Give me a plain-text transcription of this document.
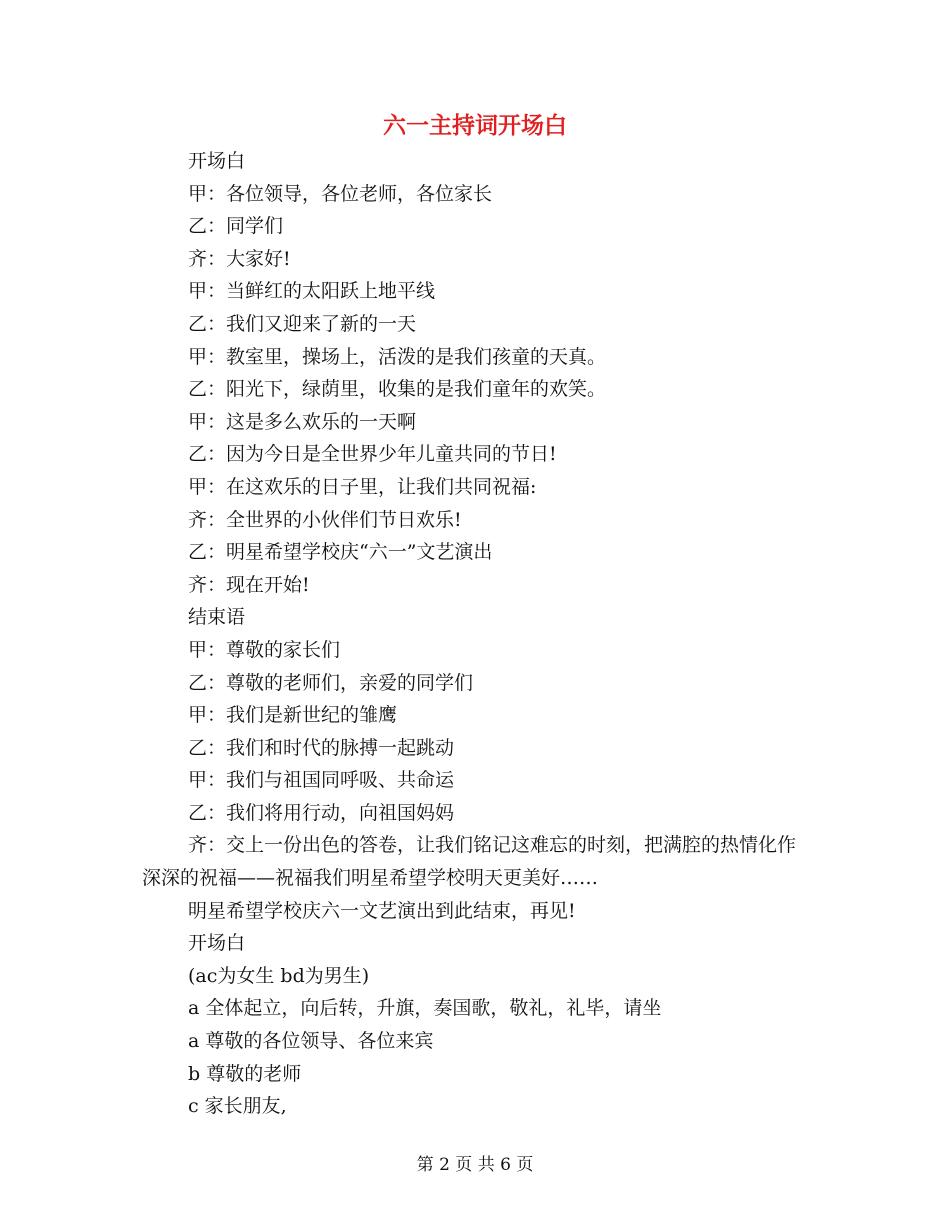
六一主持词开场白

开场白

甲：各位领导，各位老师，各位家长

乙：同学们

齐：大家好!

甲：当鲜红的太阳跃上地平线

乙：我们又迎来了新的一天

甲：教室里，操场上，活泼的是我们孩童的天真。

乙：阳光下，绿荫里，收集的是我们童年的欢笑。

甲：这是多么欢乐的一天啊

乙：因为今日是全世界少年儿童共同的节日!

甲：在这欢乐的日子里，让我们共同祝福:

齐：全世界的小伙伴们节日欢乐!

乙：明星希望学校庆“六一”文艺演出

齐：现在开始!

结束语

甲：尊敬的家长们

乙：尊敬的老师们，亲爱的同学们

甲：我们是新世纪的雏鹰

乙：我们和时代的脉搏一起跳动

甲：我们与祖国同呼吸、共命运

乙：我们将用行动，向祖国妈妈

齐：交上一份出色的答卷，让我们铭记这难忘的时刻，把满腔的热情化作深深的祝福——祝福我们明星希望学校明天更美好……

明星希望学校庆六一文艺演出到此结束，再见!

开场白

(ac为女生 bd为男生)

a 全体起立，向后转，升旗，奏国歌，敬礼，礼毕，请坐

a 尊敬的各位领导、各位来宾

b 尊敬的老师

c 家长朋友,

第 2 页 共 6 页
